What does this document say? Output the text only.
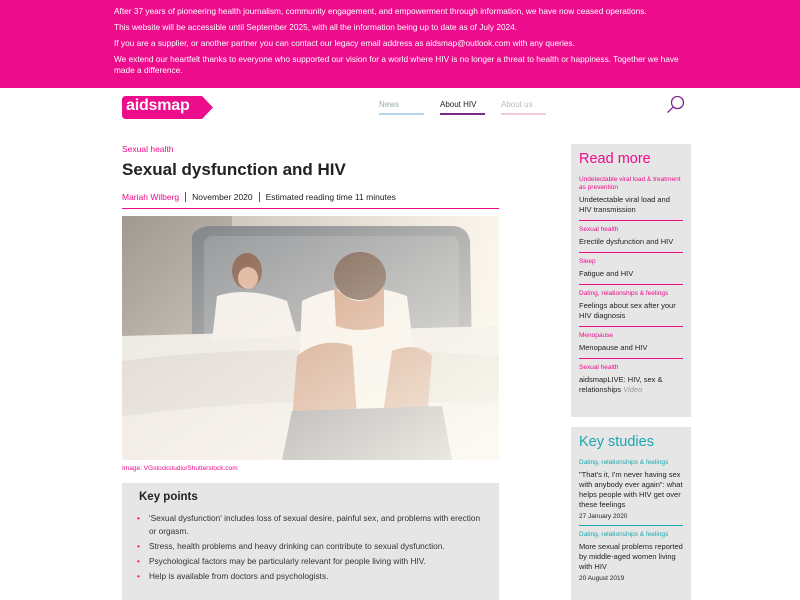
After 37 years of pioneering health journalism, community engagement, and empowerment through information, we have now ceased operations.

This website will be accessible until September 2025, with all the information being up to date as of July 2024.

If you are a supplier, or another partner you can contact our legacy email address as aidsmap@outlook.com with any queries.

We extend our heartfelt thanks to everyone who supported our vision for a world where HIV is no longer a threat to health or happiness. Together we have made a difference.

aidsmap	News	About HIV	About us
Sexual health
Sexual dysfunction and HIV
Mariah Wilberg	November 2020	Estimated reading time 11 minutes
Image: VGstockstudio/Shutterstock.com
Key points
• 'Sexual dysfunction' includes loss of sexual desire, painful sex, and problems with erection or orgasm.
• Stress, health problems and heavy drinking can contribute to sexual dysfunction.
• Psychological factors may be particularly relevant for people living with HIV.
• Help is available from doctors and psychologists.
Read more
Undetectable viral load & treatment as prevention
Undetectable viral load and HIV transmission
Sexual health
Erectile dysfunction and HIV
Sleep
Fatigue and HIV
Dating, relationships & feelings
Feelings about sex after your HIV diagnosis
Menopause
Menopause and HIV
Sexual health
aidsmapLIVE: HIV, sex & relationships Video
Key studies
Dating, relationships & feelings
"That's it, I'm never having sex with anybody ever again": what helps people with HIV get over these feelings
27 January 2020
Dating, relationships & feelings
More sexual problems reported by middle-aged women living with HIV
20 August 2019
